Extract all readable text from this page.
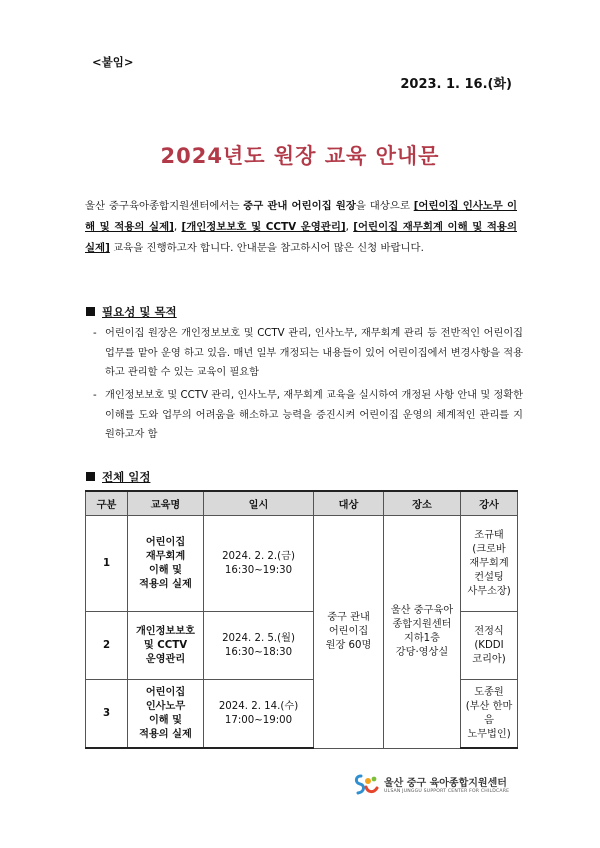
<붙임>
2023. 1. 16.(화)
2024년도 원장 교육 안내문
울산 중구육아종합지원센터에서는 중구 관내 어린이집 원장을 대상으로 [어린이집 인사노무 이해 및 적용의 실제], [개인정보보호 및 CCTV 운영관리], [어린이집 재무회계 이해 및 적용의 실제] 교육을 진행하고자 합니다. 안내문을 참고하시어 많은 신청 바랍니다.
필요성 및 목적
- 어린이집 원장은 개인정보보호 및 CCTV 관리, 인사노무, 재무회계 관리 등 전반적인 어린이집 업무를 맡아 운영 하고 있음. 매년 일부 개정되는 내용들이 있어 어린이집에서 변경사항을 적용하고 관리할 수 있는 교육이 필요함
- 개인정보보호 및 CCTV 관리, 인사노무, 재무회계 교육을 실시하여 개정된 사항 안내 및 정확한 이해를 도와 업무의 어려움을 해소하고 능력을 증진시켜 어린이집 운영의 체계적인 관리를 지원하고자 함
전체 일정
구분	교육명	일시	대상	장소	강사
1	어린이집
재무회계
이해 및
적용의 실제	2024. 2. 2.(금)
16:30~19:30	중구 관내
어린이집
원장 60명	울산 중구육아
종합지원센터
지하1층
강당·영상실	조규태
(크로바
재무회계
컨설팅
사무소장)
2	개인정보보호
및 CCTV
운영관리	2024. 2. 5.(월)
16:30~18:30			전정식
(KDDI
코리아)
3	어린이집
인사노무
이해 및
적용의 실제	2024. 2. 14.(수)
17:00~19:00			도종원
(부산 한마음
노무법인)
울산 중구 육아종합지원센터
ULSAN JUNGGU SUPPORT CENTER FOR CHILDCARE
